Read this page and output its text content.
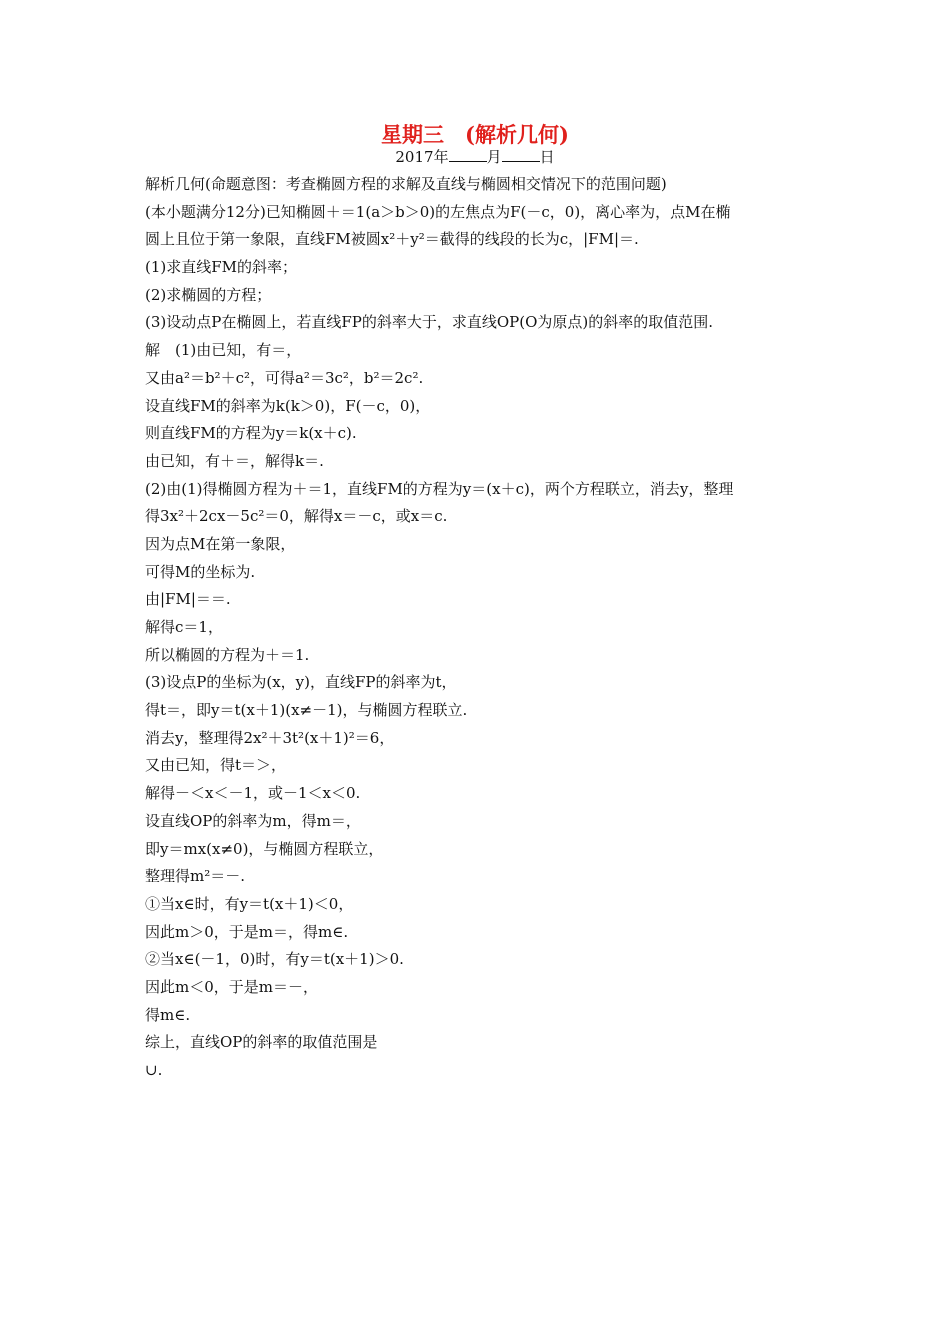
星期三　(解析几何)
2017年	月	日
解析几何(命题意图：考查椭圆方程的求解及直线与椭圆相交情况下的范围问题)
(本小题满分12分)已知椭圆＋＝1(a＞b＞0)的左焦点为F(－c，0)，离心率为，点M在椭
圆上且位于第一象限，直线FM被圆x²＋y²＝截得的线段的长为c，|FM|＝.
(1)求直线FM的斜率；
(2)求椭圆的方程；
(3)设动点P在椭圆上，若直线FP的斜率大于，求直线OP(O为原点)的斜率的取值范围.
解　(1)由已知，有＝，
又由a²＝b²＋c²，可得a²＝3c²，b²＝2c².
设直线FM的斜率为k(k＞0)，F(－c，0)，
则直线FM的方程为y＝k(x＋c).
由已知，有＋＝，解得k＝.
(2)由(1)得椭圆方程为＋＝1，直线FM的方程为y＝(x＋c)，两个方程联立，消去y，整理
得3x²＋2cx－5c²＝0，解得x＝－c，或x＝c.
因为点M在第一象限，
可得M的坐标为.
由|FM|＝＝.
解得c＝1，
所以椭圆的方程为＋＝1.
(3)设点P的坐标为(x，y)，直线FP的斜率为t，
得t＝，即y＝t(x＋1)(x≠－1)，与椭圆方程联立.
消去y，整理得2x²＋3t²(x＋1)²＝6，
又由已知，得t＝＞，
解得－＜x＜－1，或－1＜x＜0.
设直线OP的斜率为m，得m＝，
即y＝mx(x≠0)，与椭圆方程联立，
整理得m²＝－.
①当x∈时，有y＝t(x＋1)＜0，
因此m＞0，于是m＝，得m∈.
②当x∈(－1，0)时，有y＝t(x＋1)＞0.
因此m＜0，于是m＝－，
得m∈.
综上，直线OP的斜率的取值范围是
∪.
